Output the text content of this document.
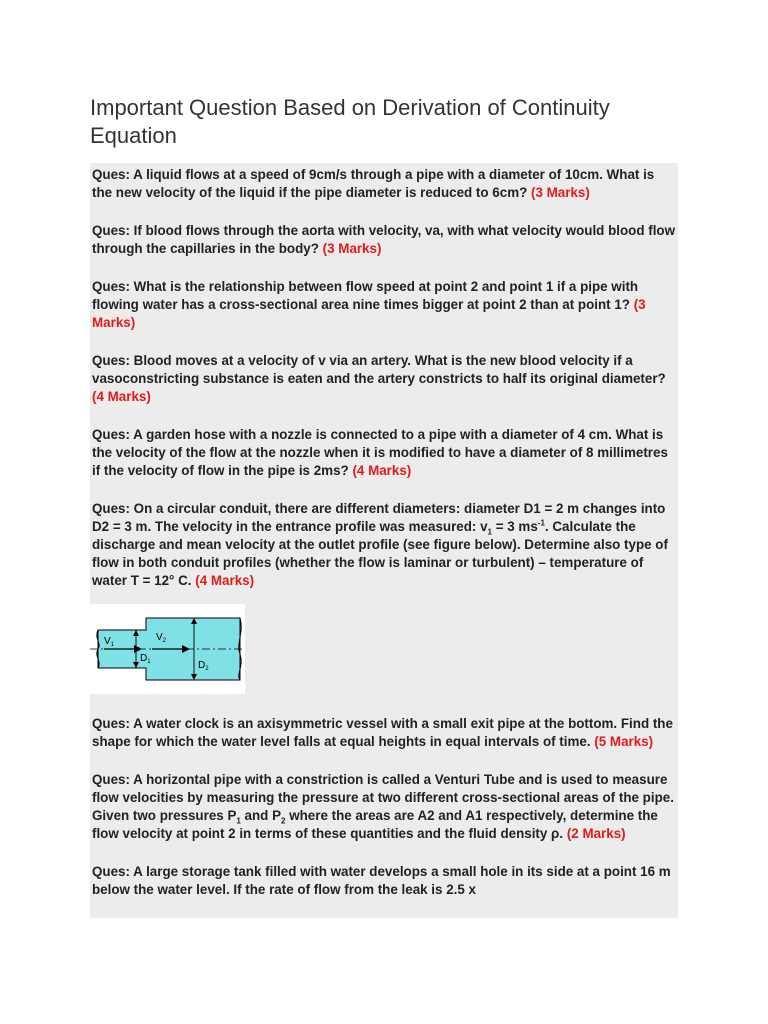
Important Question Based on Derivation of Continuity Equation

Ques: A liquid flows at a speed of 9cm/s through a pipe with a diameter of 10cm. What is the new velocity of the liquid if the pipe diameter is reduced to 6cm? (3 Marks)

Ques: If blood flows through the aorta with velocity, va, with what velocity would blood flow through the capillaries in the body? (3 Marks)

Ques: What is the relationship between flow speed at point 2 and point 1 if a pipe with flowing water has a cross-sectional area nine times bigger at point 2 than at point 1? (3 Marks)

Ques: Blood moves at a velocity of v via an artery. What is the new blood velocity if a vasoconstricting substance is eaten and the artery constricts to half its original diameter? (4 Marks)

Ques: A garden hose with a nozzle is connected to a pipe with a diameter of 4 cm. What is the velocity of the flow at the nozzle when it is modified to have a diameter of 8 millimetres if the velocity of flow in the pipe is 2ms? (4 Marks)

Ques: On a circular conduit, there are different diameters: diameter D1 = 2 m changes into D2 = 3 m. The velocity in the entrance profile was measured: $v_1 = 3$ $ms^{-1}$. Calculate the discharge and mean velocity at the outlet profile (see figure below). Determine also type of flow in both conduit profiles (whether the flow is laminar or turbulent) – temperature of water T = 12° C. (4 Marks)

$V_1$
$V_2$
$D_1$	$D_2$

Ques: A water clock is an axisymmetric vessel with a small exit pipe at the bottom. Find the shape for which the water level falls at equal heights in equal intervals of time. (5 Marks)

Ques: A horizontal pipe with a constriction is called a Venturi Tube and is used to measure flow velocities by measuring the pressure at two different cross-sectional areas of the pipe. Given two pressures $P_1$ and $P_2$ where the areas are A2 and A1 respectively, determine the flow velocity at point 2 in terms of these quantities and the fluid density ρ. (2 Marks)

Ques: A large storage tank filled with water develops a small hole in its side at a point 16 m below the water level. If the rate of flow from the leak is 2.5 x
